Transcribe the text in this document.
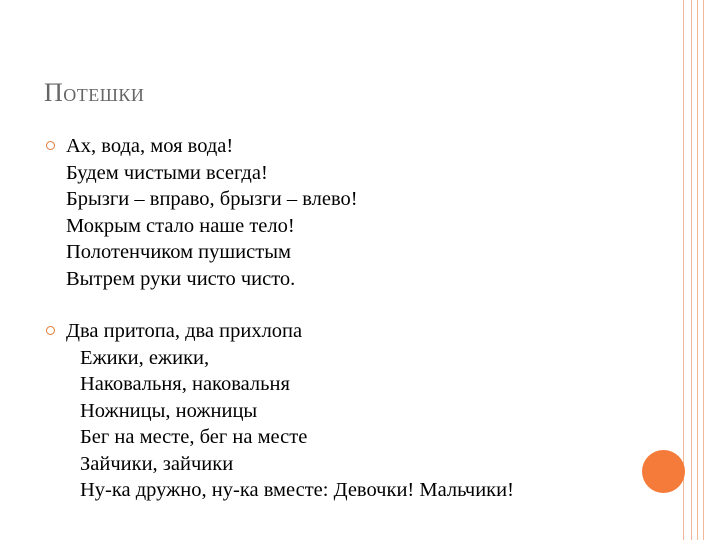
Потешки
Ах, вода, моя вода!
Будем чистыми всегда!
Брызги – вправо, брызги – влево!
Мокрым стало наше тело!
Полотенчиком пушистым
Вытрем руки чисто чисто.
Два притопа, два прихлопа
Ежики, ежики,
Наковальня, наковальня
Ножницы, ножницы
Бег на месте, бег на месте
Зайчики, зайчики
Ну-ка дружно, ну-ка вместе: Девочки! Мальчики!
